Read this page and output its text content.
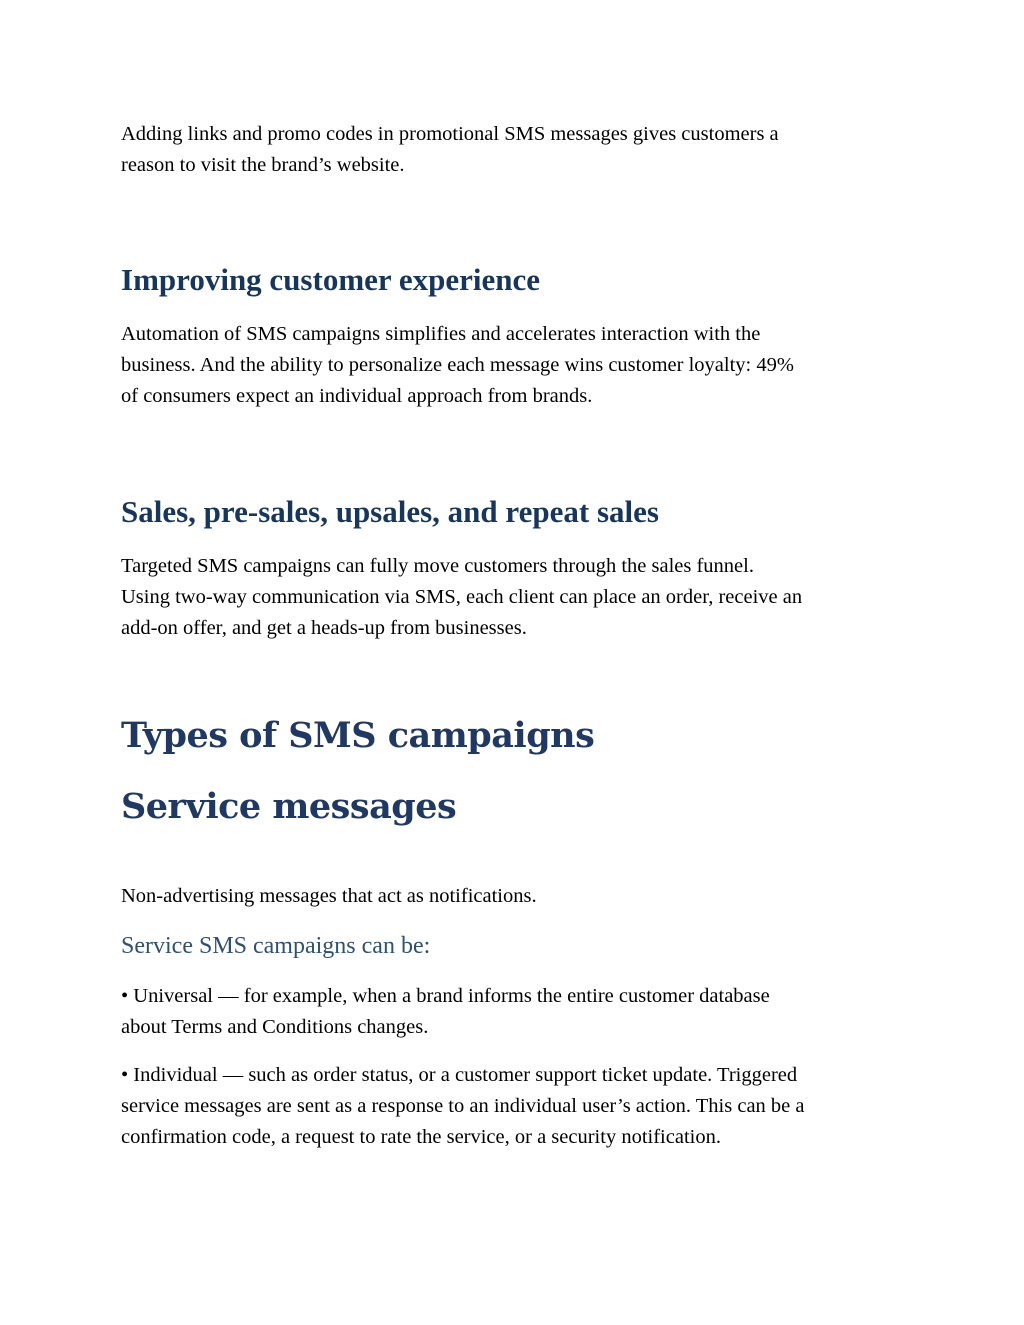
Adding links and promo codes in promotional SMS messages gives customers a

reason to visit the brand’s website.

Improving customer experience

Automation of SMS campaigns simplifies and accelerates interaction with the

business. And the ability to personalize each message wins customer loyalty: 49%

of consumers expect an individual approach from brands.

Sales, pre-sales, upsales, and repeat sales

Targeted SMS campaigns can fully move customers through the sales funnel.

Using two-way communication via SMS, each client can place an order, receive an

add-on offer, and get a heads-up from businesses.

Types of SMS campaigns
Service messages

Non-advertising messages that act as notifications.

Service SMS campaigns can be:

• Universal — for example, when a brand informs the entire customer database

about Terms and Conditions changes.

• Individual — such as order status, or a customer support ticket update. Triggered

service messages are sent as a response to an individual user’s action. This can be a

confirmation code, a request to rate the service, or a security notification.
